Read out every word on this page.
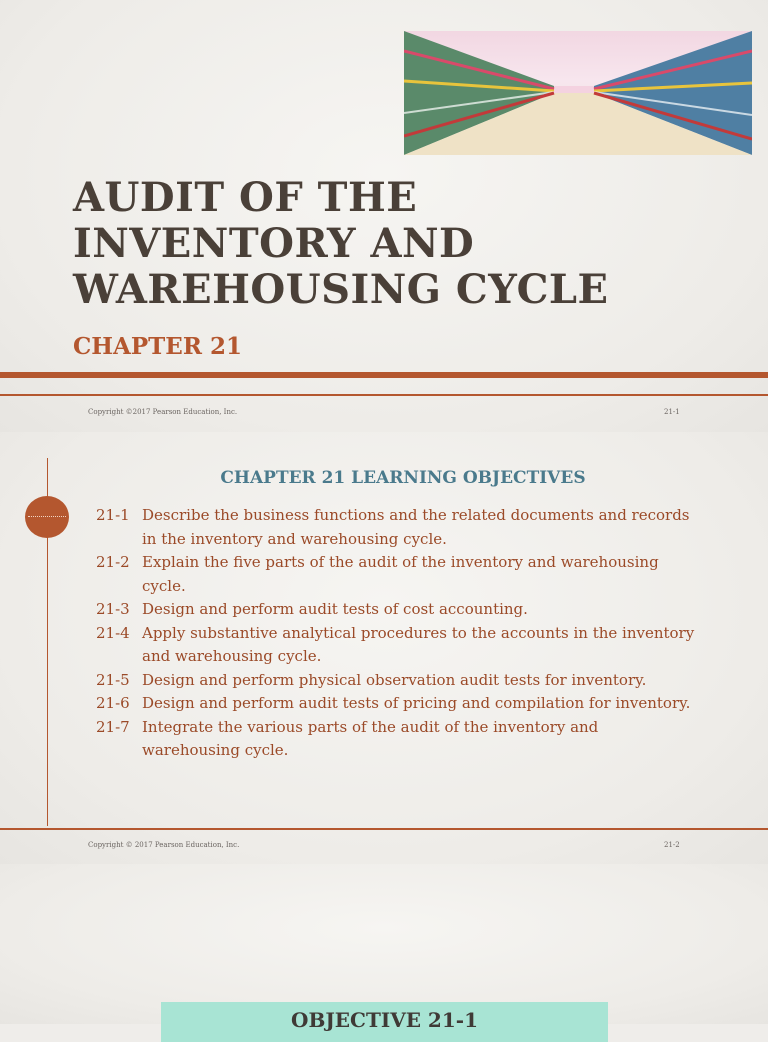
AUDIT OF THE
INVENTORY AND
WAREHOUSING CYCLE
CHAPTER 21
Copyright ©2017 Pearson Education, Inc.	21-1
CHAPTER 21 LEARNING OBJECTIVES
21-1 Describe the business functions and the related documents and records in the inventory and warehousing cycle.
21-2 Explain the five parts of the audit of the inventory and warehousing cycle.
21-3 Design and perform audit tests of cost accounting.
21-4 Apply substantive analytical procedures to the accounts in the inventory and warehousing cycle.
21-5 Design and perform physical observation audit tests for inventory.
21-6 Design and perform audit tests of pricing and compilation for inventory.
21-7 Integrate the various parts of the audit of the inventory and warehousing cycle.
Copyright © 2017 Pearson Education, Inc.	21-2
OBJECTIVE 21-1
